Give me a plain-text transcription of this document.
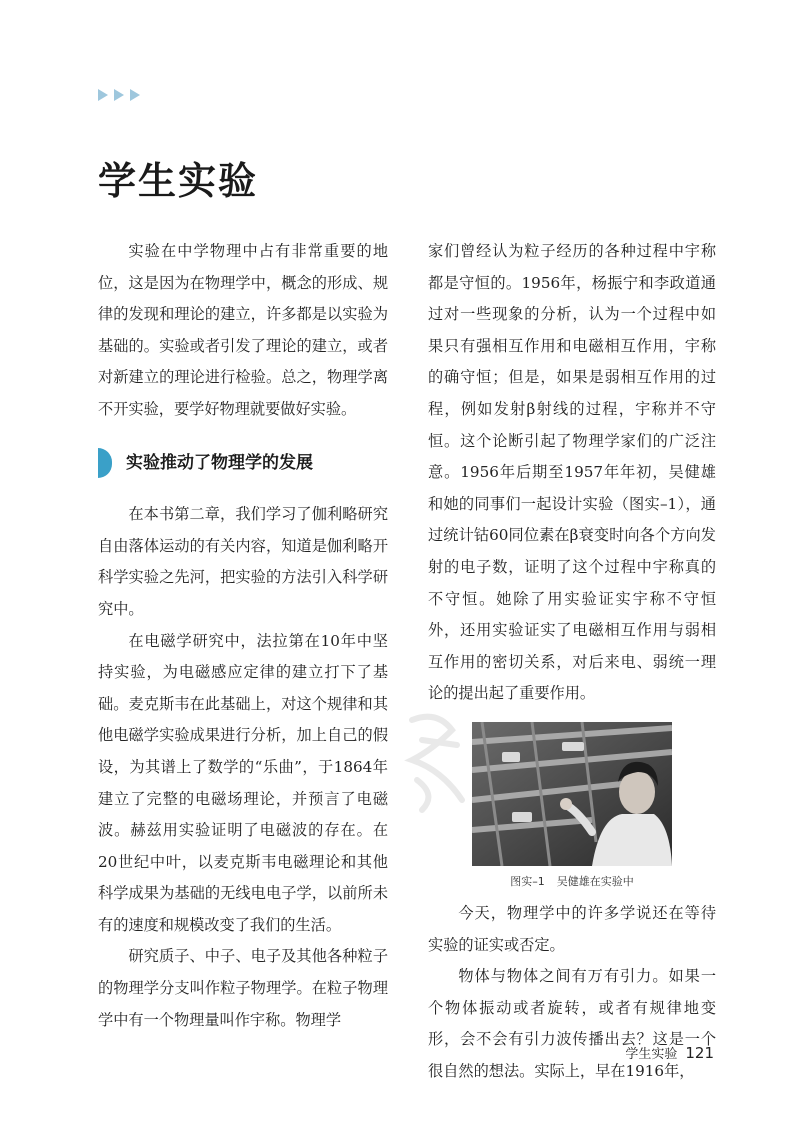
学生实验

实验在中学物理中占有非常重要的地位，这是因为在物理学中，概念的形成、规律的发现和理论的建立，许多都是以实验为基础的。实验或者引发了理论的建立，或者对新建立的理论进行检验。总之，物理学离不开实验，要学好物理就要做好实验。

实验推动了物理学的发展

在本书第二章，我们学习了伽利略研究自由落体运动的有关内容，知道是伽利略开科学实验之先河，把实验的方法引入科学研究中。

在电磁学研究中，法拉第在10年中坚持实验，为电磁感应定律的建立打下了基础。麦克斯韦在此基础上，对这个规律和其他电磁学实验成果进行分析，加上自己的假设，为其谱上了数学的“乐曲”，于1864年建立了完整的电磁场理论，并预言了电磁波。赫兹用实验证明了电磁波的存在。在 20世纪中叶，以麦克斯韦电磁理论和其他科学成果为基础的无线电电子学，以前所未有的速度和规模改变了我们的生活。

研究质子、中子、电子及其他各种粒子的物理学分支叫作粒子物理学。在粒子物理学中有一个物理量叫作宇称。物理学

家们曾经认为粒子经历的各种过程中宇称都是守恒的。1956年，杨振宁和李政道通过对一些现象的分析，认为一个过程中如果只有强相互作用和电磁相互作用，宇称的确守恒；但是，如果是弱相互作用的过程，例如发射β射线的过程，宇称并不守恒。这个论断引起了物理学家们的广泛注意。1956年后期至1957年年初，吴健雄和她的同事们一起设计实验（图实–1），通过统计钴60同位素在β衰变时向各个方向发射的电子数，证明了这个过程中宇称真的不守恒。她除了用实验证实宇称不守恒外，还用实验证实了电磁相互作用与弱相互作用的密切关系，对后来电、弱统一理论的提出起了重要作用。

图实–1 吴健雄在实验中

今天，物理学中的许多学说还在等待实验的证实或否定。

物体与物体之间有万有引力。如果一个物体振动或者旋转，或者有规律地变形，会不会有引力波传播出去？这是一个很自然的想法。实际上，早在1916年，

学生实验 121
